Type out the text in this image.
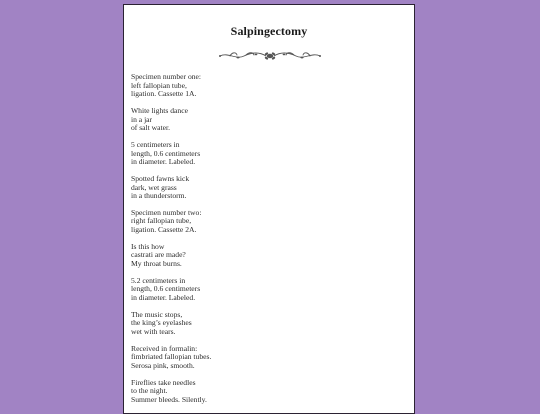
Salpingectomy
Specimen number one:
left fallopian tube,
ligation. Cassette 1A.
White lights dance
in a jar
of salt water.
5 centimeters in
length, 0.6 centimeters
in diameter. Labeled.
Spotted fawns kick
dark, wet grass
in a thunderstorm.
Specimen number two:
right fallopian tube,
ligation. Cassette 2A.
Is this how
castrati are made?
My throat burns.
5.2 centimeters in
length, 0.6 centimeters
in diameter. Labeled.
The music stops,
the king’s eyelashes
wet with tears.
Received in formalin:
fimbriated fallopian tubes.
Serosa pink, smooth.
Fireflies take needles
to the night.
Summer bleeds. Silently.
